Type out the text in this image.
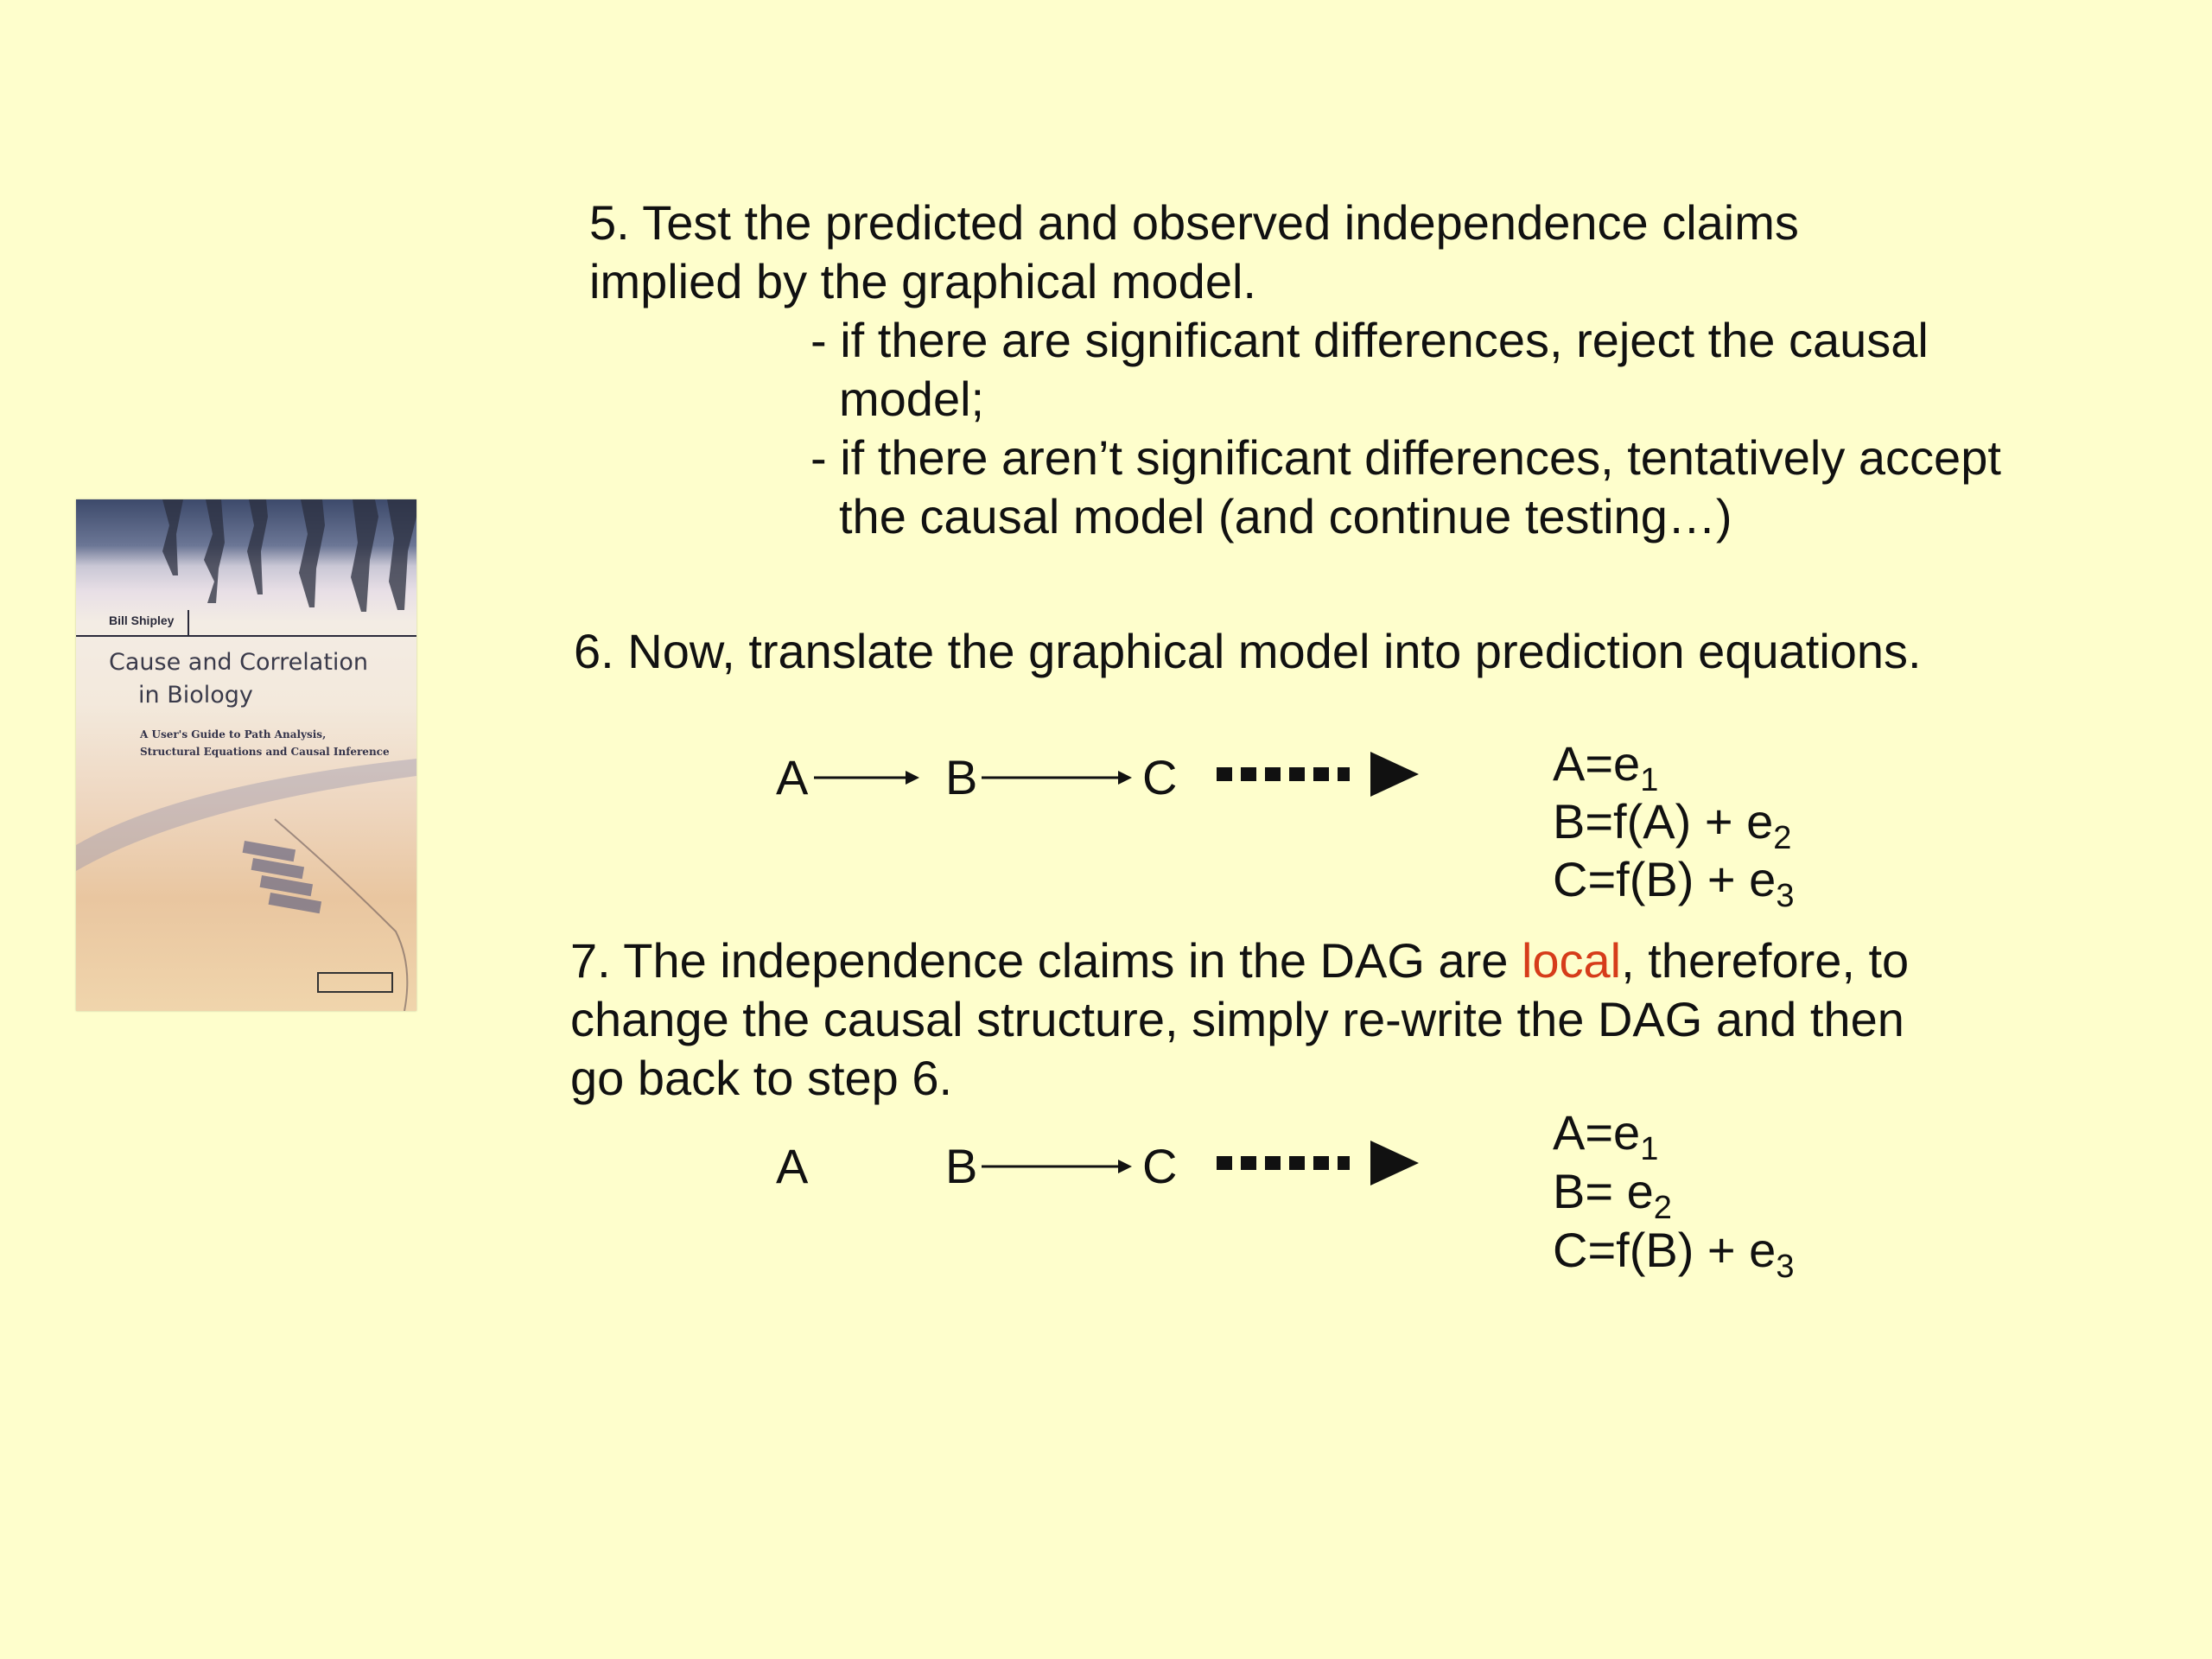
Bill Shipley
Cause and Correlation
in Biology
A User's Guide to Path Analysis,
Structural Equations and Causal Inference
5. Test the predicted and observed independence claims
implied by the graphical model.
- if there are significant differences, reject the causal
model;
- if there aren’t significant differences, tentatively accept
the causal model (and continue testing…)
6. Now, translate the graphical model into prediction equations.
A	B	C	$A=e_1$
$B=f(A) + e_2$
$C=f(B) + e_3$
7. The independence claims in the DAG are local, therefore, to
change the causal structure, simply re-write the DAG and then
go back to step 6.
A	B	C
$A=e_1$
$B= e_2$
$C=f(B) + e_3$
